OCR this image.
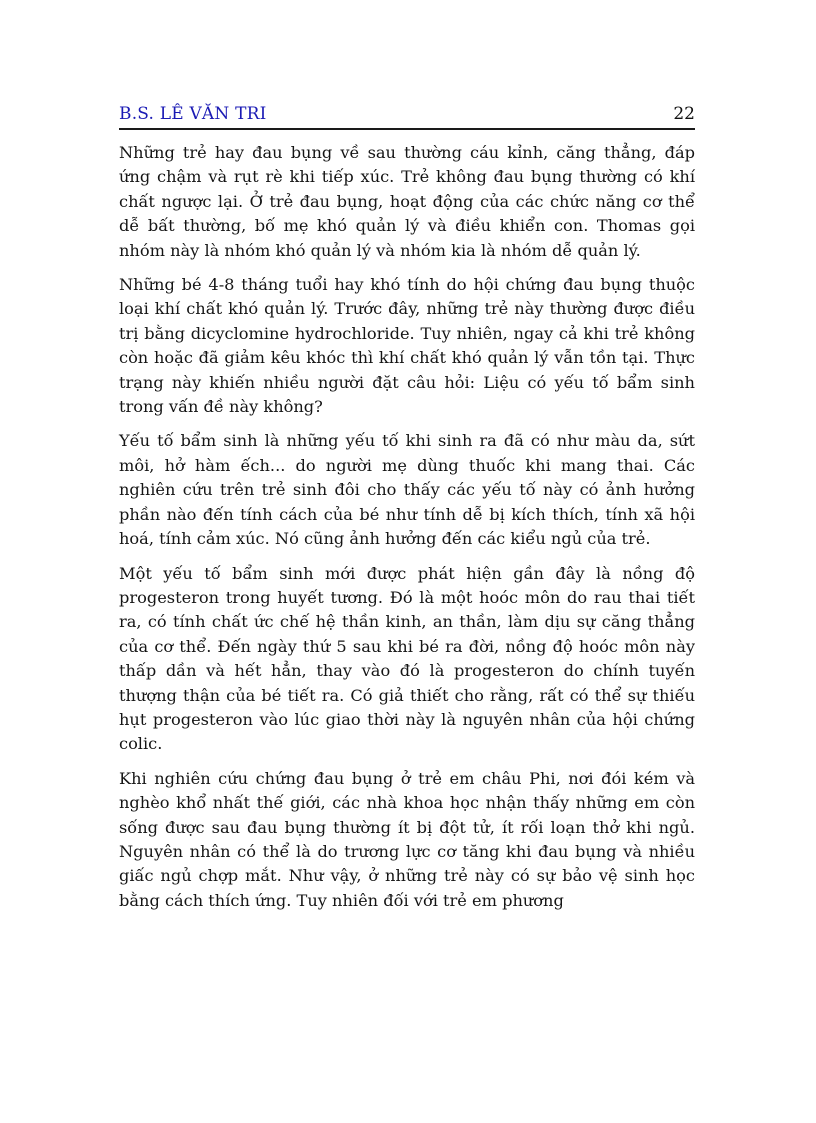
B.S. LÊ VĂN TRI	22

Những trẻ hay đau bụng về sau thường cáu kỉnh, căng thẳng, đáp ứng chậm và rụt rè khi tiếp xúc. Trẻ không đau bụng thường có khí chất ngược lại. Ở trẻ đau bụng, hoạt động của các chức năng cơ thể dễ bất thường, bố mẹ khó quản lý và điều khiển con. Thomas gọi nhóm này là nhóm khó quản lý và nhóm kia là nhóm dễ quản lý.

Những bé 4-8 tháng tuổi hay khó tính do hội chứng đau bụng thuộc loại khí chất khó quản lý. Trước đây, những trẻ này thường được điều trị bằng dicyclomine hydrochloride. Tuy nhiên, ngay cả khi trẻ không còn hoặc đã giảm kêu khóc thì khí chất khó quản lý vẫn tồn tại. Thực trạng này khiến nhiều người đặt câu hỏi: Liệu có yếu tố bẩm sinh trong vấn đề này không?

Yếu tố bẩm sinh là những yếu tố khi sinh ra đã có như màu da, sứt môi, hở hàm ếch... do người mẹ dùng thuốc khi mang thai. Các nghiên cứu trên trẻ sinh đôi cho thấy các yếu tố này có ảnh hưởng phần nào đến tính cách của bé như tính dễ bị kích thích, tính xã hội hoá, tính cảm xúc. Nó cũng ảnh hưởng đến các kiểu ngủ của trẻ.

Một yếu tố bẩm sinh mới được phát hiện gần đây là nồng độ progesteron trong huyết tương. Đó là một hoóc môn do rau thai tiết ra, có tính chất ức chế hệ thần kinh, an thần, làm dịu sự căng thẳng của cơ thể. Đến ngày thứ 5 sau khi bé ra đời, nồng độ hoóc môn này thấp dần và hết hẳn, thay vào đó là progesteron do chính tuyến thượng thận của bé tiết ra. Có giả thiết cho rằng, rất có thể sự thiếu hụt progesteron vào lúc giao thời này là nguyên nhân của hội chứng colic.

Khi nghiên cứu chứng đau bụng ở trẻ em châu Phi, nơi đói kém và nghèo khổ nhất thế giới, các nhà khoa học nhận thấy những em còn sống được sau đau bụng thường ít bị đột tử, ít rối loạn thở khi ngủ. Nguyên nhân có thể là do trương lực cơ tăng khi đau bụng và nhiều giấc ngủ chợp mắt. Như vậy, ở những trẻ này có sự bảo vệ sinh học bằng cách thích ứng. Tuy nhiên đối với trẻ em phương
